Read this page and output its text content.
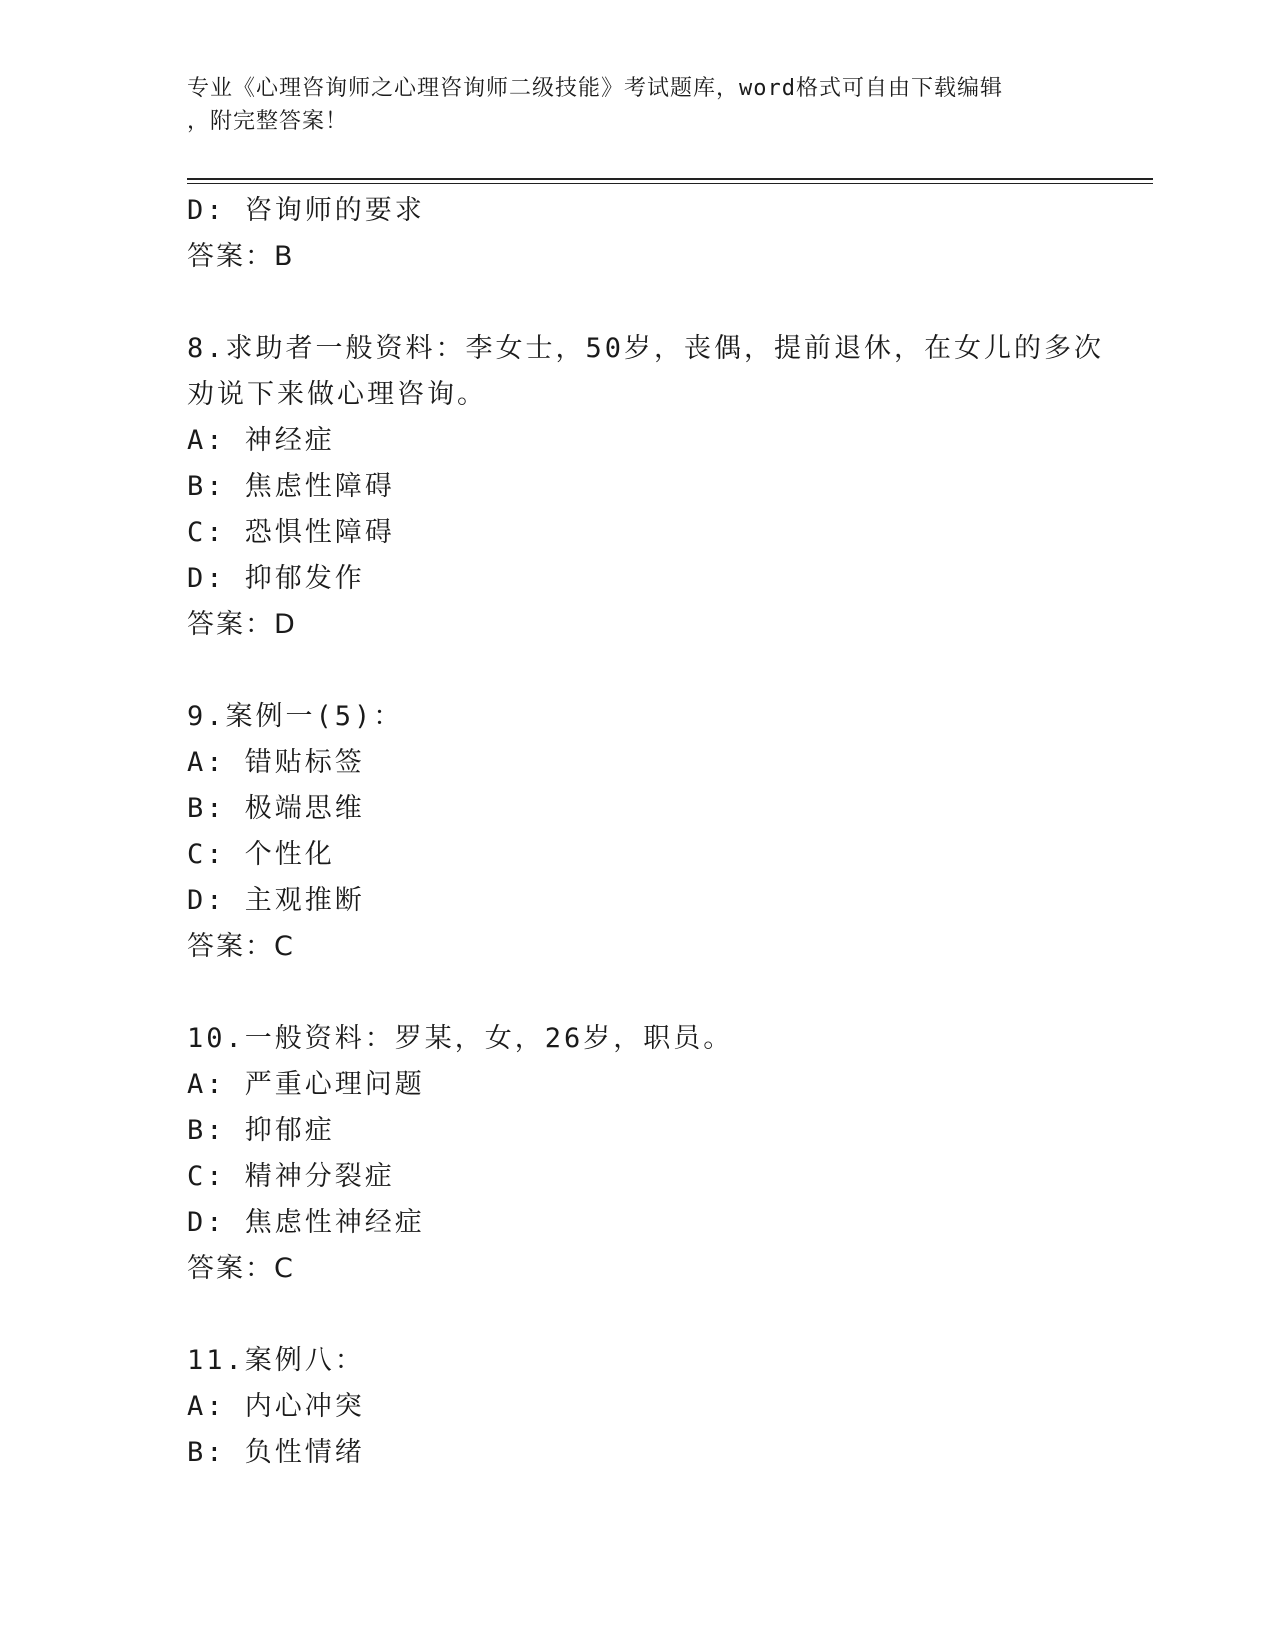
专业《心理咨询师之心理咨询师二级技能》考试题库，word格式可自由下载编辑
，附完整答案！
D: 咨询师的要求
答案：B
8.求助者一般资料：李女士，50岁，丧偶，提前退休，在女儿的多次
劝说下来做心理咨询。
A: 神经症
B: 焦虑性障碍
C: 恐惧性障碍
D: 抑郁发作
答案：D
9.案例一(5)：
A: 错贴标签
B: 极端思维
C: 个性化
D: 主观推断
答案：C
10.一般资料：罗某，女，26岁，职员。
A: 严重心理问题
B: 抑郁症
C: 精神分裂症
D: 焦虑性神经症
答案：C
11.案例八：
A: 内心冲突
B: 负性情绪
